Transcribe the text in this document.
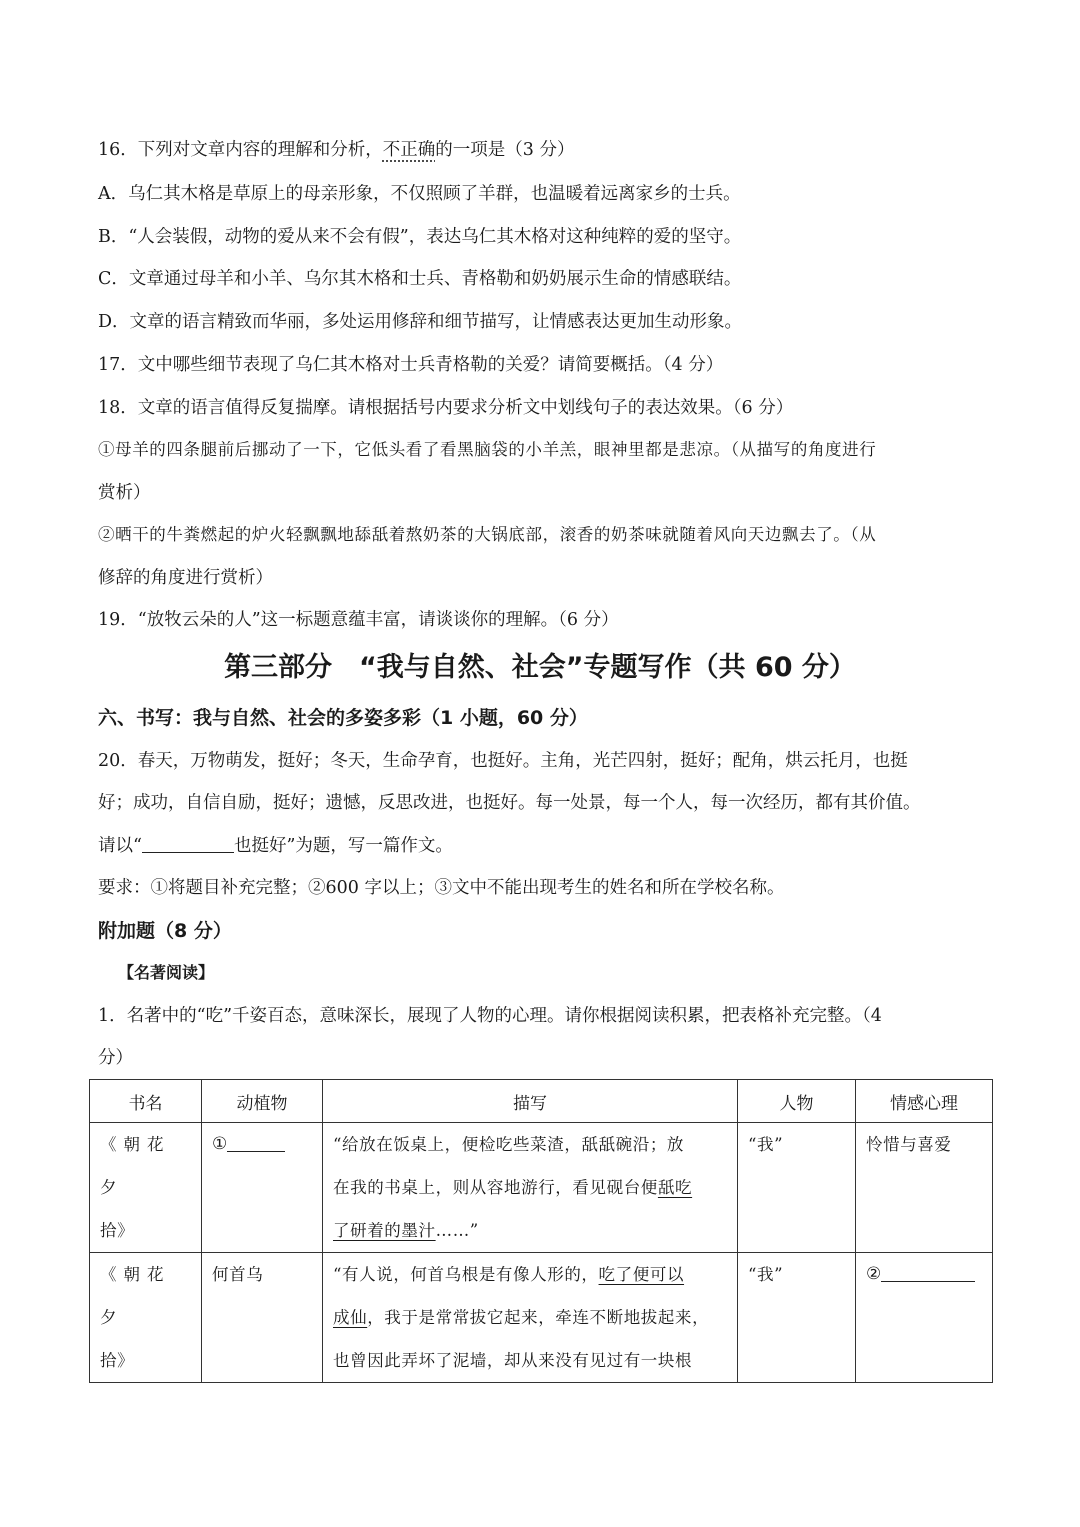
16．下列对文章内容的理解和分析，不正确的一项是（3 分）
A．乌仁其木格是草原上的母亲形象，不仅照顾了羊群，也温暖着远离家乡的士兵。
B．“人会装假，动物的爱从来不会有假”，表达乌仁其木格对这种纯粹的爱的坚守。
C．文章通过母羊和小羊、乌尔其木格和士兵、青格勒和奶奶展示生命的情感联结。
D．文章的语言精致而华丽，多处运用修辞和细节描写，让情感表达更加生动形象。
17．文中哪些细节表现了乌仁其木格对士兵青格勒的关爱？请简要概括。（4 分）
18．文章的语言值得反复揣摩。请根据括号内要求分析文中划线句子的表达效果。（6 分）
①母羊的四条腿前后挪动了一下，它低头看了看黑脑袋的小羊羔，眼神里都是悲凉。（从描写的角度进行
赏析）
②晒干的牛粪燃起的炉火轻飘飘地舔舐着熬奶茶的大锅底部，滚香的奶茶味就随着风向天边飘去了。（从
修辞的角度进行赏析）
19．“放牧云朵的人”这一标题意蕴丰富，请谈谈你的理解。（6 分）
第三部分　“我与自然、社会”专题写作（共 60 分）
六、书写：我与自然、社会的多姿多彩（1 小题，60 分）
20．春天，万物萌发，挺好；冬天，生命孕育，也挺好。主角，光芒四射，挺好；配角，烘云托月，也挺
好；成功，自信自励，挺好；遗憾，反思改进，也挺好。每一处景，每一个人，每一次经历，都有其价值。
请以“	也挺好”为题，写一篇作文。
要求：①将题目补充完整；②600 字以上；③文中不能出现考生的姓名和所在学校名称。
附加题（8 分）
【名著阅读】
1．名著中的“吃”千姿百态，意味深长，展现了人物的心理。请你根据阅读积累，把表格补充完整。（4
分）
书名	动植物	描写	人物	情感心理

《朝花夕
拾》	①	“给放在饭桌上，便检吃些菜渣，舐舐碗沿；放
在我的书桌上，则从容地游行，看见砚台便舐吃
了研着的墨汁……”	“我”	怜惜与喜爱

《朝花夕
拾》	何首乌	“有人说，何首乌根是有像人形的，吃了便可以
成仙，我于是常常拔它起来，牵连不断地拔起来，
也曾因此弄坏了泥墙，却从来没有见过有一块根	“我”	②
